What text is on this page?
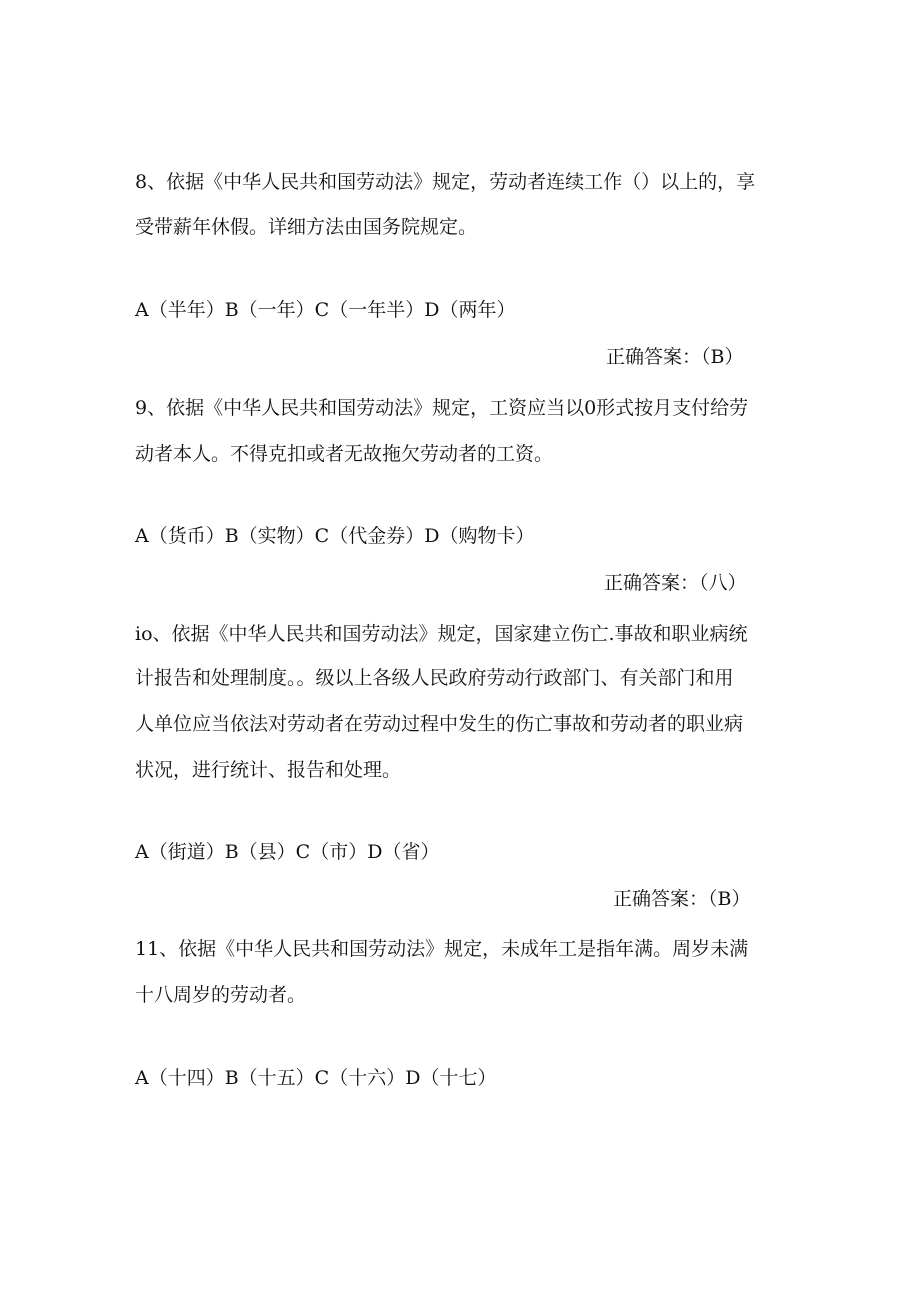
8、依据《中华人民共和国劳动法》规定，劳动者连续工作（）以上的，享
受带薪年休假。详细方法由国务院规定。
A（半年）B（一年）C（一年半）D（两年）
正确答案：（B）
9、依据《中华人民共和国劳动法》规定，工资应当以0形式按月支付给劳
动者本人。不得克扣或者无故拖欠劳动者的工资。
A（货币）B（实物）C（代金券）D（购物卡）
正确答案：（八）
io、依据《中华人民共和国劳动法》规定，国家建立伤亡.事故和职业病统
计报告和处理制度。。级以上各级人民政府劳动行政部门、有关部门和用
人单位应当依法对劳动者在劳动过程中发生的伤亡事故和劳动者的职业病
状况，进行统计、报告和处理。
A（街道）B（县）C（市）D（省）
正确答案：（B）
11、依据《中华人民共和国劳动法》规定，未成年工是指年满。周岁未满
十八周岁的劳动者。
A（十四）B（十五）C（十六）D（十七）
